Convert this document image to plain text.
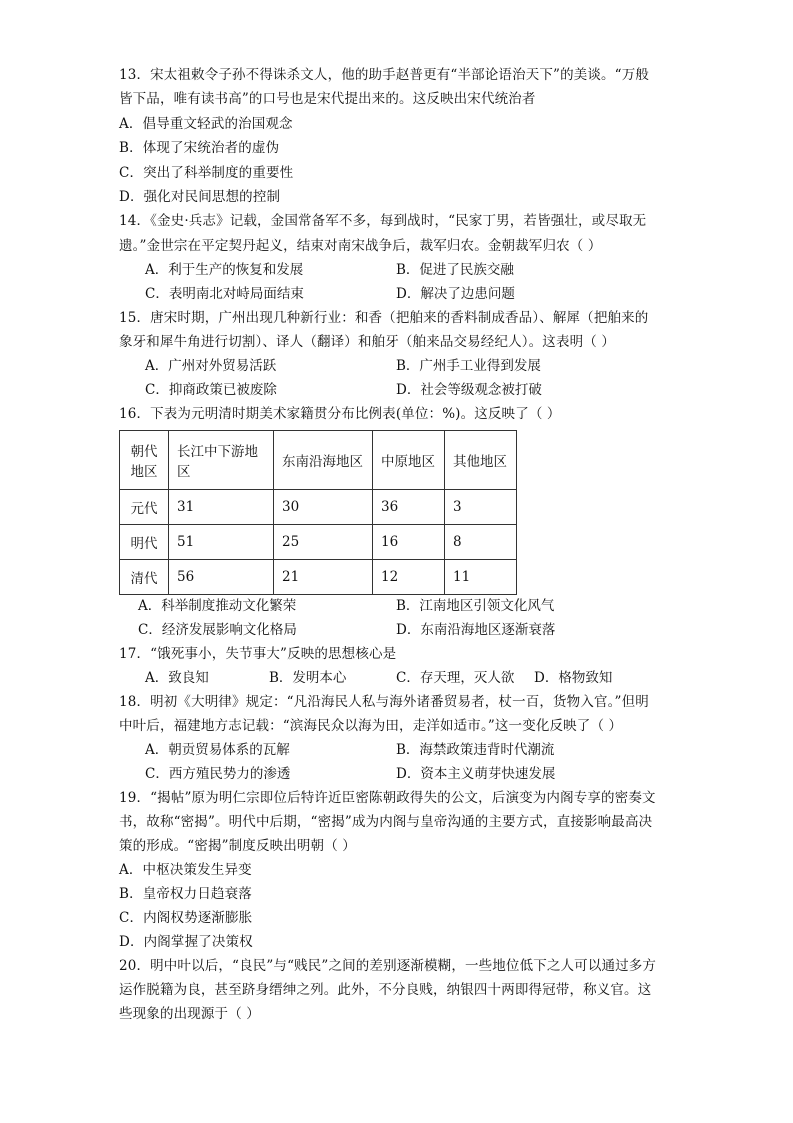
13．宋太祖敕令子孙不得诛杀文人，他的助手赵普更有“半部论语治天下”的美谈。“万般
皆下品，唯有读书高”的口号也是宋代提出来的。这反映出宋代统治者
A．倡导重文轻武的治国观念
B．体现了宋统治者的虚伪
C．突出了科举制度的重要性
D．强化对民间思想的控制
14．《金史·兵志》记载，金国常备军不多，每到战时，“民家丁男，若皆强壮，或尽取无
遗。”金世宗在平定契丹起义，结束对南宋战争后，裁军归农。金朝裁军归农（ ）
A．利于生产的恢复和发展	B．促进了民族交融
C．表明南北对峙局面结束	D．解决了边患问题
15．唐宋时期，广州出现几种新行业：和香（把舶来的香料制成香品）、解犀（把舶来的
象牙和犀牛角进行切割）、译人（翻译）和舶牙（舶来品交易经纪人）。这表明（ ）
A．广州对外贸易活跃	B．广州手工业得到发展
C．抑商政策已被废除	D．社会等级观念被打破
16．下表为元明清时期美术家籍贯分布比例表(单位：%)。这反映了（ ）
朝代
地区	长江中下游地区	东南沿海地区	中原地区	其他地区
元代	31	30	36	3
明代	51	25	16	8
清代	56	21	12	11
A．科举制度推动文化繁荣	B．江南地区引领文化风气
C．经济发展影响文化格局	D．东南沿海地区逐渐衰落
17．“饿死事小，失节事大”反映的思想核心是
A．致良知	B．发明本心	C．存天理，灭人欲 D．格物致知
18．明初《大明律》规定：“凡沿海民人私与海外诸番贸易者，杖一百，货物入官。”但明
中叶后，福建地方志记载：“滨海民众以海为田，走洋如适市。”这一变化反映了（ ）
A．朝贡贸易体系的瓦解	B．海禁政策违背时代潮流
C．西方殖民势力的渗透	D．资本主义萌芽快速发展
19．“揭帖”原为明仁宗即位后特许近臣密陈朝政得失的公文，后演变为内阁专享的密奏文
书，故称“密揭”。明代中后期，“密揭”成为内阁与皇帝沟通的主要方式，直接影响最高决
策的形成。“密揭”制度反映出明朝（ ）
A．中枢决策发生异变
B．皇帝权力日趋衰落
C．内阁权势逐渐膨胀
D．内阁掌握了决策权
20．明中叶以后，“良民”与“贱民”之间的差别逐渐模糊，一些地位低下之人可以通过多方
运作脱籍为良，甚至跻身缙绅之列。此外，不分良贱，纳银四十两即得冠带，称义官。这
些现象的出现源于（ ）
